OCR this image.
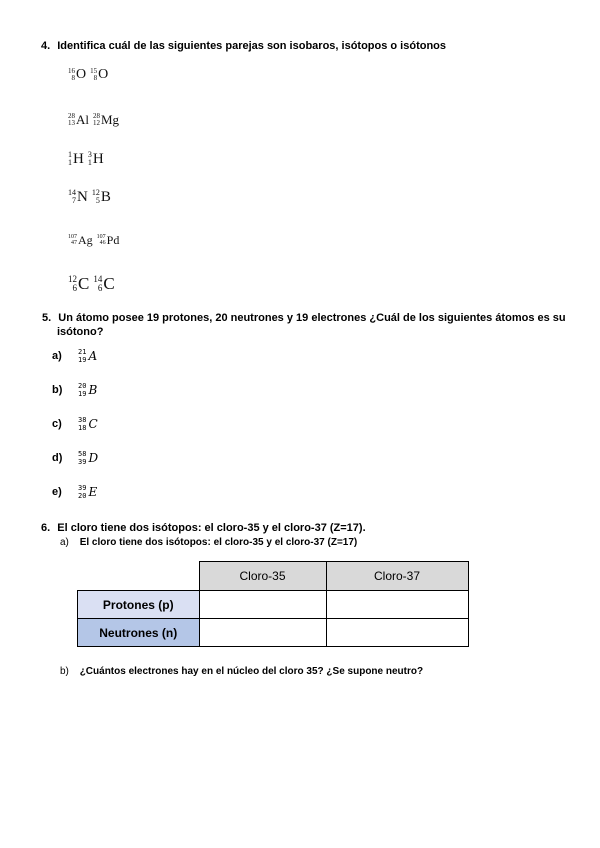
4. Identifica cuál de las siguientes parejas son isobaros, isótopos o isótonos
16
8 O 15
8 O
28
13 Al 28
12 Mg
1
1 H 3
1 H
14
7 N 12
5 B
107
47 Ag 107
46 Pd
12
6 C 14
6 C
5. Un átomo posee 19 protones, 20 neutrones y 19 electrones ¿Cuál de los siguientes átomos es su
isótono?
a)	21
19 A
b)	20
19 B
c)	38
18 C
d)	58
39 D
e)	39
20 E
6. El cloro tiene dos isótopos: el cloro-35 y el cloro-37 (Z=17).
a) El cloro tiene dos isótopos: el cloro-35 y el cloro-37 (Z=17)
	Cloro-35	Cloro-37
Protones (p)		
Neutrones (n)		
b) ¿Cuántos electrones hay en el núcleo del cloro 35? ¿Se supone neutro?
